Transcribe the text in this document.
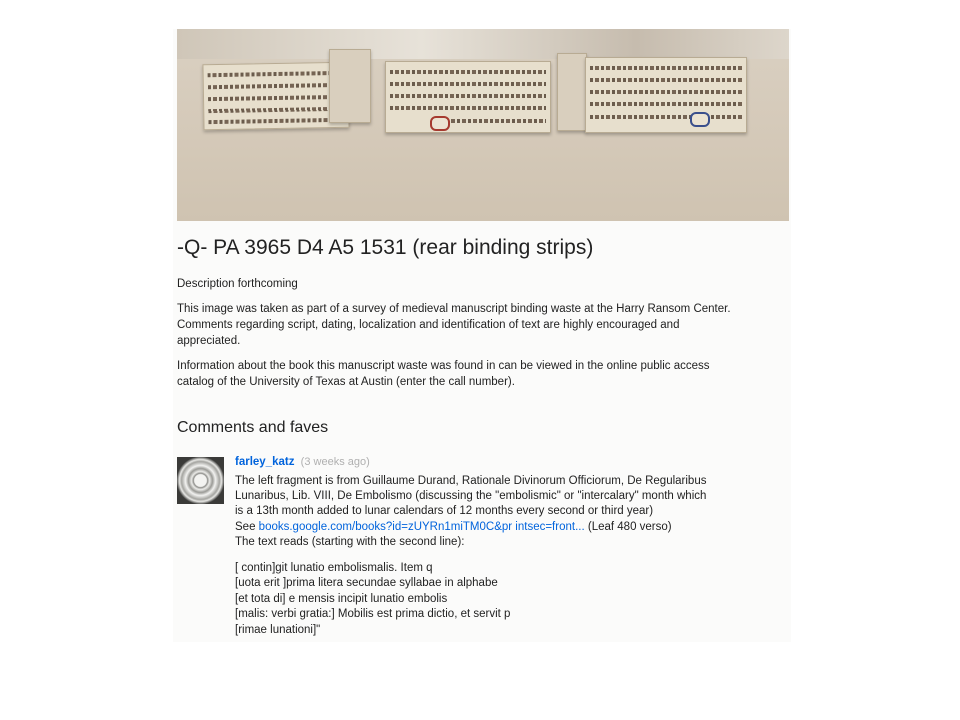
-Q- PA 3965 D4 A5 1531 (rear binding strips)

Description forthcoming

This image was taken as part of a survey of medieval manuscript binding waste at the Harry Ransom Center. Comments regarding script, dating, localization and identification of text are highly encouraged and appreciated.

Information about the book this manuscript waste was found in can be viewed in the online public access catalog of the University of Texas at Austin (enter the call number).

Comments and faves
farley_katz (3 weeks ago)

The left fragment is from Guillaume Durand, Rationale Divinorum Officiorum, De Regularibus

Lunaribus, Lib. VIII, De Embolismo (discussing the "embolismic" or "intercalary" month which

is a 13th month added to lunar calendars of 12 months every second or third year)

See books.google.com/books?id=zUYRn1miTM0C&pr intsec=front... (Leaf 480 verso)

The text reads (starting with the second line):

[ contin]git lunatio embolismalis. Item q

[uota erit ]prima litera secundae syllabae in alphabe

[et tota di] e mensis incipit lunatio embolis

[malis: verbi gratia:] Mobilis est prima dictio, et servit p

[rimae lunationi]"
